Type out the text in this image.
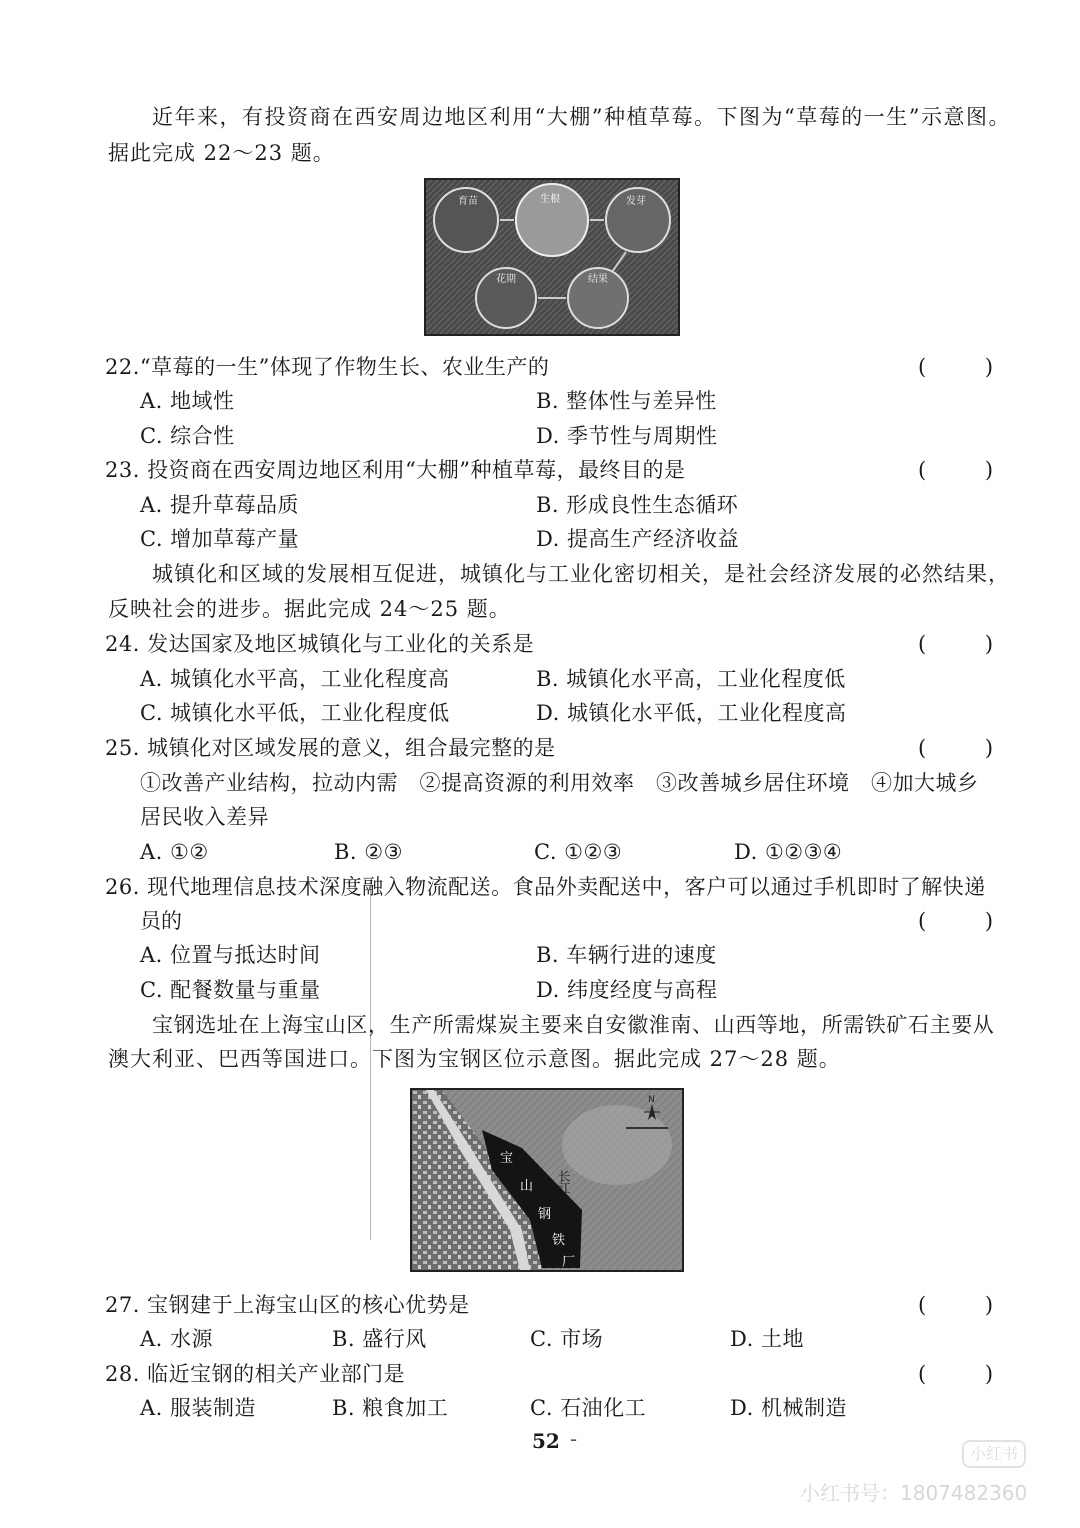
近年来，有投资商在西安周边地区利用“大棚”种植草莓。下图为“草莓的一生”示意图。
据此完成 22～23 题。
育苗	生根	发芽
花期	结果
22.“草莓的一生”体现了作物生长、农业生产的	( )
A. 地域性	B. 整体性与差异性
C. 综合性	D. 季节性与周期性
23. 投资商在西安周边地区利用“大棚”种植草莓，最终目的是	( )
A. 提升草莓品质	B. 形成良性生态循环
C. 增加草莓产量	D. 提高生产经济收益
城镇化和区域的发展相互促进，城镇化与工业化密切相关，是社会经济发展的必然结果，
反映社会的进步。据此完成 24～25 题。
24. 发达国家及地区城镇化与工业化的关系是	( )
A. 城镇化水平高，工业化程度高	B. 城镇化水平高，工业化程度低
C. 城镇化水平低，工业化程度低	D. 城镇化水平低，工业化程度高
25. 城镇化对区域发展的意义，组合最完整的是	( )
①改善产业结构，拉动内需　②提高资源的利用效率　③改善城乡居住环境　④加大城乡
居民收入差异
A. ①②	B. ②③	C. ①②③	D. ①②③④
26. 现代地理信息技术深度融入物流配送。食品外卖配送中，客户可以通过手机即时了解快递
员的	( )
A. 位置与抵达时间	B. 车辆行进的速度
C. 配餐数量与重量	D. 纬度经度与高程
宝钢选址在上海宝山区，生产所需煤炭主要来自安徽淮南、山西等地，所需铁矿石主要从
澳大利亚、巴西等国进口。下图为宝钢区位示意图。据此完成 27～28 题。
宝
山
钢
铁
厂
长江
N
27. 宝钢建于上海宝山区的核心优势是	( )
A. 水源	B. 盛行风	C. 市场	D. 土地
28. 临近宝钢的相关产业部门是	( )
A. 服装制造	B. 粮食加工	C. 石油化工	D. 机械制造
52 -
小红书
小红书号：1807482360
